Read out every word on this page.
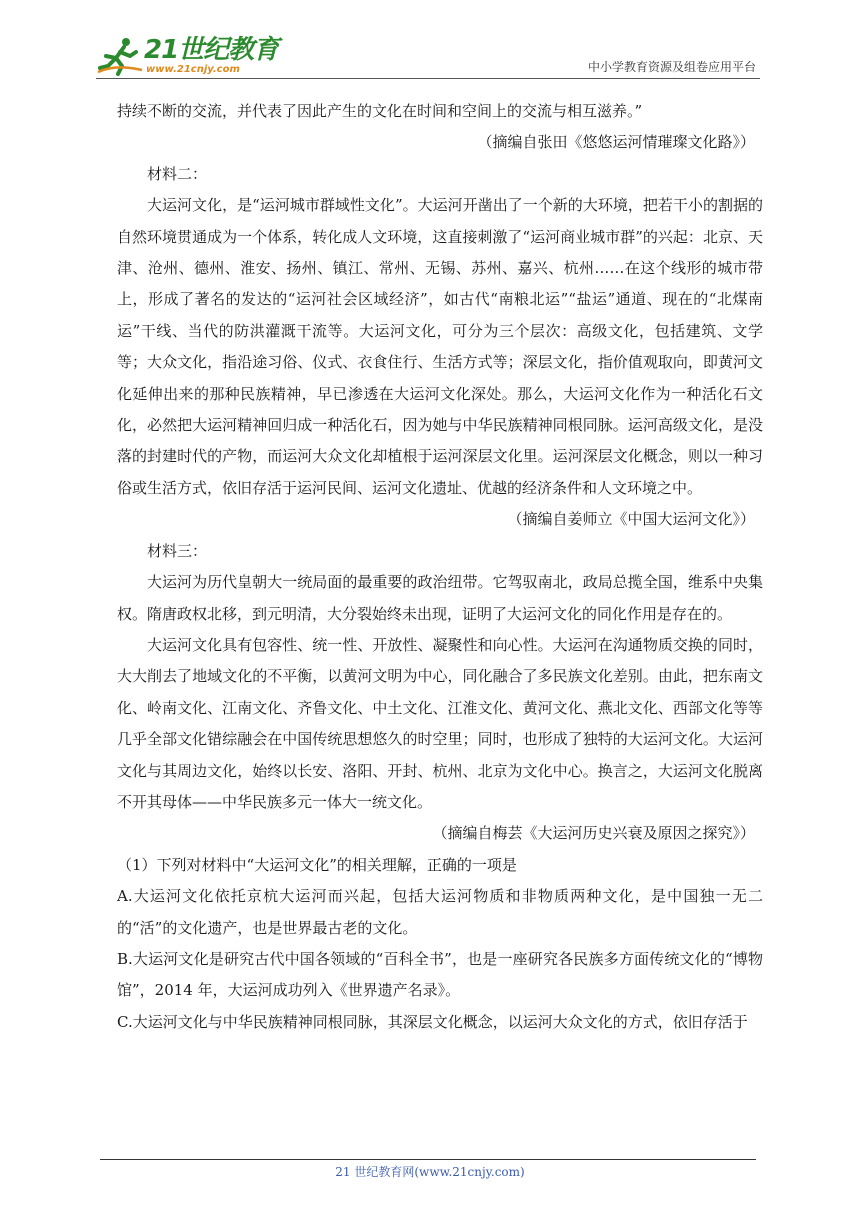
21世纪教育
www.21cnjy.com	中小学教育资源及组卷应用平台

持续不断的交流，并代表了因此产生的文化在时间和空间上的交流与相互滋养。”

（摘编自张田《悠悠运河情璀璨文化路》）

材料二：

大运河文化，是“运河城市群域性文化”。大运河开凿出了一个新的大环境，把若干小的割据的自然环境贯通成为一个体系，转化成人文环境，这直接刺激了“运河商业城市群”的兴起：北京、天津、沧州、德州、淮安、扬州、镇江、常州、无锡、苏州、嘉兴、杭州……在这个线形的城市带上，形成了著名的发达的“运河社会区域经济”，如古代“南粮北运”“盐运”通道、现在的“北煤南运”干线、当代的防洪灌溉干流等。大运河文化，可分为三个层次：高级文化，包括建筑、文学等；大众文化，指沿途习俗、仪式、衣食住行、生活方式等；深层文化，指价值观取向，即黄河文化延伸出来的那种民族精神，早已渗透在大运河文化深处。那么，大运河文化作为一种活化石文化，必然把大运河精神回归成一种活化石，因为她与中华民族精神同根同脉。运河高级文化，是没落的封建时代的产物，而运河大众文化却植根于运河深层文化里。运河深层文化概念，则以一种习俗或生活方式，依旧存活于运河民间、运河文化遗址、优越的经济条件和人文环境之中。

（摘编自姜师立《中国大运河文化》）

材料三：

大运河为历代皇朝大一统局面的最重要的政治纽带。它驾驭南北，政局总揽全国，维系中央集权。隋唐政权北移，到元明清，大分裂始终未出现，证明了大运河文化的同化作用是存在的。

大运河文化具有包容性、统一性、开放性、凝聚性和向心性。大运河在沟通物质交换的同时，大大削去了地域文化的不平衡，以黄河文明为中心，同化融合了多民族文化差别。由此，把东南文化、岭南文化、江南文化、齐鲁文化、中土文化、江淮文化、黄河文化、燕北文化、西部文化等等几乎全部文化错综融会在中国传统思想悠久的时空里；同时，也形成了独特的大运河文化。大运河文化与其周边文化，始终以长安、洛阳、开封、杭州、北京为文化中心。换言之，大运河文化脱离不开其母体——中华民族多元一体大一统文化。

（摘编自梅芸《大运河历史兴衰及原因之探究》）

（1）下列对材料中“大运河文化”的相关理解，正确的一项是

A.大运河文化依托京杭大运河而兴起，包括大运河物质和非物质两种文化，是中国独一无二的“活”的文化遗产，也是世界最古老的文化。

B.大运河文化是研究古代中国各领域的“百科全书”，也是一座研究各民族多方面传统文化的“博物馆”，2014 年，大运河成功列入《世界遗产名录》。

C.大运河文化与中华民族精神同根同脉，其深层文化概念，以运河大众文化的方式，依旧存活于

21 世纪教育网(www.21cnjy.com)
